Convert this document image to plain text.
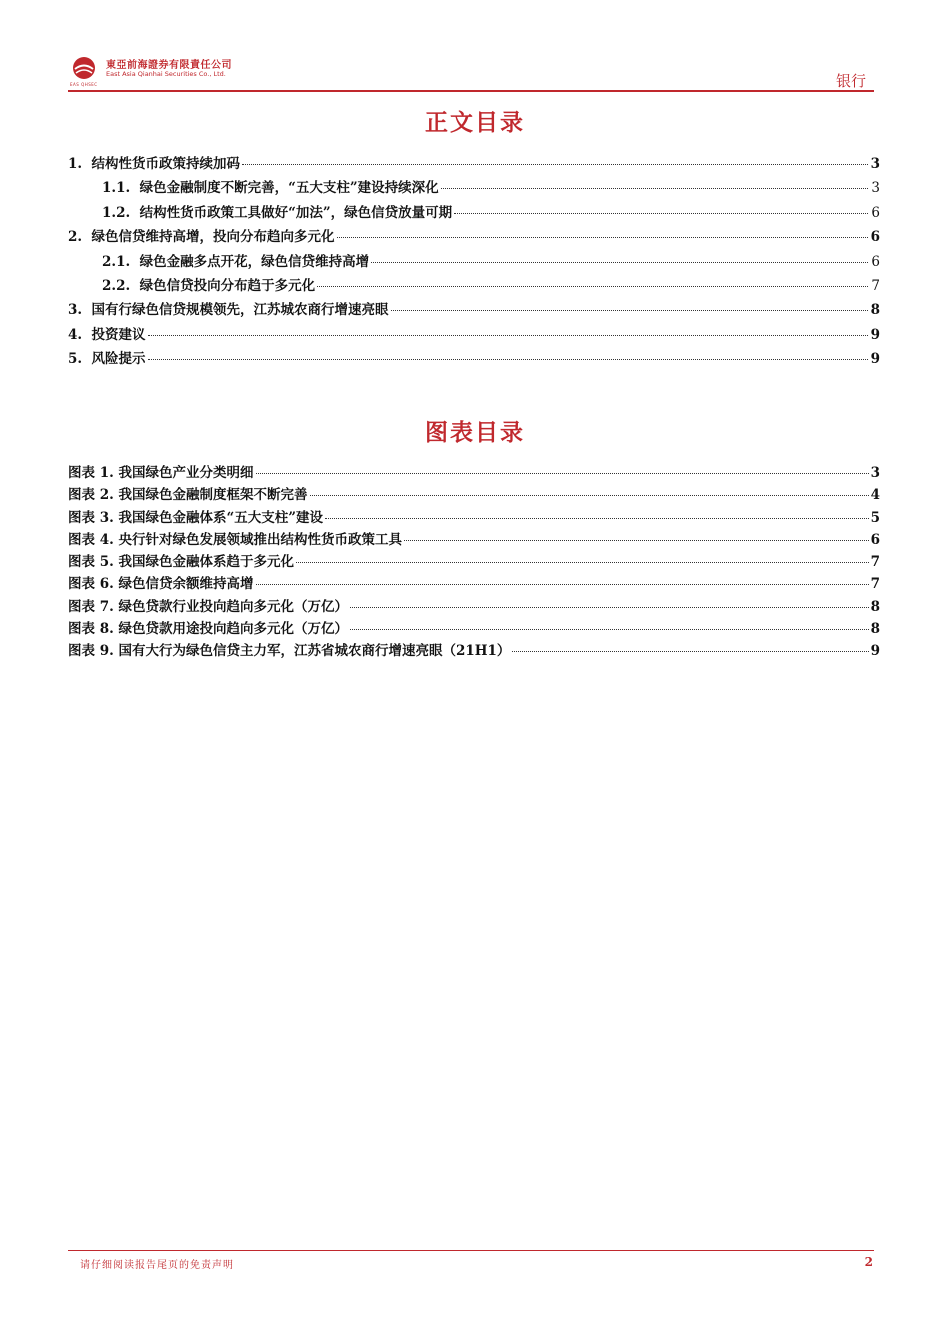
東亞前海證券有限責任公司
East Asia Qianhai Securities Co., Ltd.
EAS QHSEC	银行
正文目录
1. 结构性货币政策持续加码	3
1.1. 绿色金融制度不断完善，“五大支柱”建设持续深化	3
1.2. 结构性货币政策工具做好“加法”，绿色信贷放量可期	6
2. 绿色信贷维持高增，投向分布趋向多元化	6
2.1. 绿色金融多点开花，绿色信贷维持高增	6
2.2. 绿色信贷投向分布趋于多元化	7
3. 国有行绿色信贷规模领先，江苏城农商行增速亮眼	8
4. 投资建议	9
5. 风险提示	9
图表目录
图表 1. 我国绿色产业分类明细	3
图表 2. 我国绿色金融制度框架不断完善	4
图表 3. 我国绿色金融体系“五大支柱”建设	5
图表 4. 央行针对绿色发展领域推出结构性货币政策工具	6
图表 5. 我国绿色金融体系趋于多元化	7
图表 6. 绿色信贷余额维持高增	7
图表 7. 绿色贷款行业投向趋向多元化（万亿）	8
图表 8. 绿色贷款用途投向趋向多元化（万亿）	8
图表 9. 国有大行为绿色信贷主力军，江苏省城农商行增速亮眼（21H1）	9
请仔细阅读报告尾页的免责声明	2
